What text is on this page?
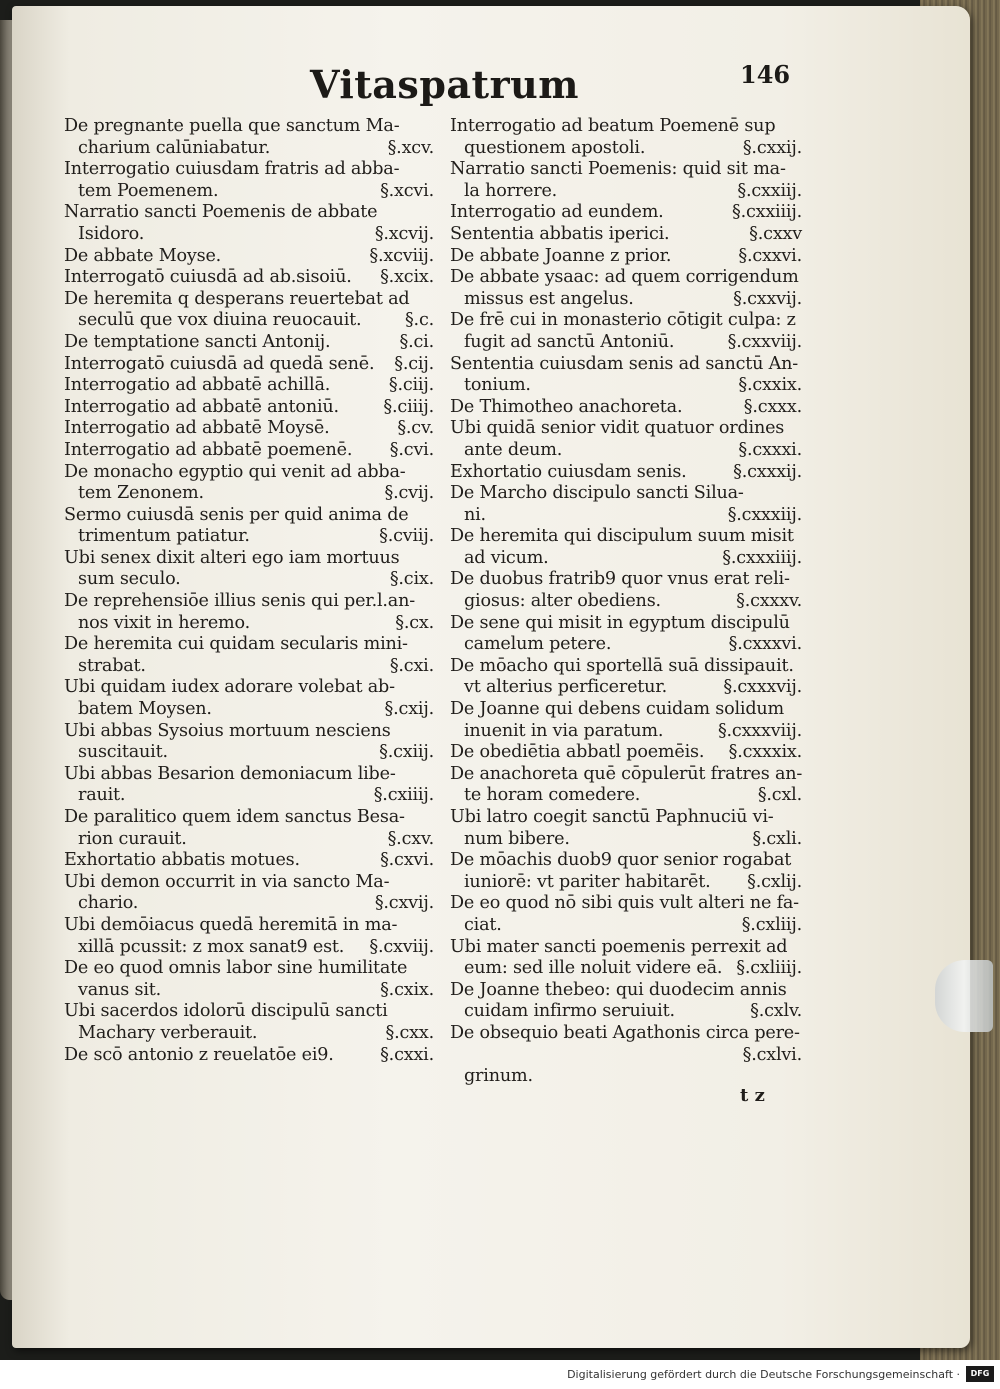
Vitaspatrum	146
De pregnante puella que sanctum Ma-
charium calūniabatur.	§.xcv.
Interrogatio cuiusdam fratris ad abba-
tem Poemenem.	§.xcvi.
Narratio sancti Poemenis de abbate
Isidoro.	§.xcvij.
De abbate Moyse.	§.xcviij.
Interrogatō cuiusdā ad ab.sisoiū. §.xcix.
De heremita q desperans reuertebat ad
seculū que vox diuina reuocauit. §.c.
De temptatione sancti Antonij.	§.ci.
Interrogatō cuiusdā ad quedā senē. §.cij.
Interrogatio ad abbatē achillā.	§.ciij.
Interrogatio ad abbatē antoniū.	§.ciiij.
Interrogatio ad abbatē Moysē.	§.cv.
Interrogatio ad abbatē poemenē. §.cvi.
De monacho egyptio qui venit ad abba-
tem Zenonem.	§.cvij.
Sermo cuiusdā senis per quid anima de
trimentum patiatur.	§.cviij.
Ubi senex dixit alteri ego iam mortuus
sum seculo.	§.cix.
De reprehensiōe illius senis qui per.l.an-
nos vixit in heremo.	§.cx.
De heremita cui quidam secularis mini-
strabat.	§.cxi.
Ubi quidam iudex adorare volebat ab-
batem Moysen.	§.cxij.
Ubi abbas Sysoius mortuum nesciens
suscitauit.	§.cxiij.
Ubi abbas Besarion demoniacum libe-
rauit.	§.cxiiij.
De paralitico quem idem sanctus Besa-
rion curauit.	§.cxv.
Exhortatio abbatis motues.	§.cxvi.
Ubi demon occurrit in via sancto Ma-
chario.	§.cxvij.
Ubi demōiacus quedā heremitā in ma-
xillā pcussit: z mox sanat9 est. §.cxviij.
De eo quod omnis labor sine humilitate
vanus sit.	§.cxix.
Ubi sacerdos idolorū discipulū sancti
Machary verberauit.	§.cxx.
De scō antonio z reuelatōe ei9.	§.cxxi.
Interrogatio ad beatum Poemenē sup
questionem apostoli.	§.cxxij.
Narratio sancti Poemenis: quid sit ma-
la horrere.	§.cxxiij.
Interrogatio ad eundem.	§.cxxiiij.
Sententia abbatis iperici.	§.cxxv
De abbate Joanne z prior.	§.cxxvi.
De abbate ysaac: ad quem corrigendum
missus est angelus.	§.cxxvij.
De frē cui in monasterio cōtigit culpa: z
fugit ad sanctū Antoniū.	§.cxxviij.
Sententia cuiusdam senis ad sanctū An-
tonium.	§.cxxix.
De Thimotheo anachoreta.	§.cxxx.
Ubi quidā senior vidit quatuor ordines
ante deum.	§.cxxxi.
Exhortatio cuiusdam senis.	§.cxxxij.
De Marcho discipulo sancti Silua-
ni.	§.cxxxiij.
De heremita qui discipulum suum misit
ad vicum.	§.cxxxiiij.
De duobus fratrib9 quor vnus erat reli-
giosus: alter obediens.	§.cxxxv.
De sene qui misit in egyptum discipulū
camelum petere.	§.cxxxvi.
De mōacho qui sportellā suā dissipauit.
vt alterius perficeretur.	§.cxxxvij.
De Joanne qui debens cuidam solidum
inuenit in via paratum.	§.cxxxviij.
De obediētia abbatl poemēis. §.cxxxix.
De anachoreta quē cōpulerūt fratres an-
te horam comedere.	§.cxl.
Ubi latro coegit sanctū Paphnuciū vi-
num bibere.	§.cxli.
De mōachis duob9 quor senior rogabat
iuniorē: vt pariter habitarēt. §.cxlij.
De eo quod nō sibi quis vult alteri ne fa-
ciat.	§.cxliij.
Ubi mater sancti poemenis perrexit ad
eum: sed ille noluit videre eā. §.cxliiij.
De Joanne thebeo: qui duodecim annis
cuidam infirmo seruiuit.	§.cxlv.
De obsequio beati Agathonis circa pere-
§.cxlvi.
grinum.
t z
Digitalisierung gefördert durch die Deutsche Forschungsgemeinschaft ·	DFG
